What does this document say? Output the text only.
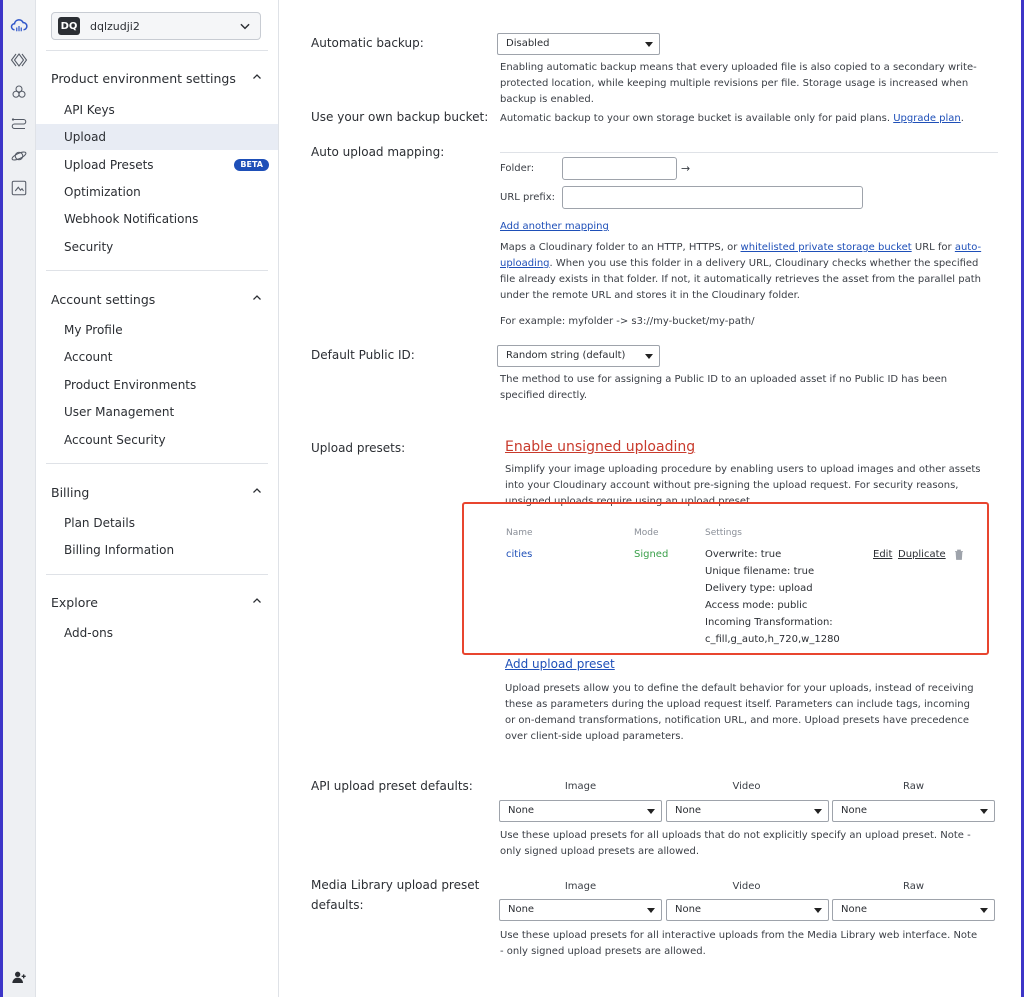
DQ dqlzudji2
Product environment settings
API Keys
Upload
Upload Presets	BETA
Optimization
Webhook Notifications
Security
Account settings
My Profile
Account
Product Environments
User Management
Account Security
Billing
Plan Details
Billing Information
Explore
Add-ons
Automatic backup:	Disabled
Enabling automatic backup means that every uploaded file is also copied to a secondary write-protected location, while keeping multiple revisions per file. Storage usage is increased when backup is enabled.
Use your own backup bucket: Automatic backup to your own storage bucket is available only for paid plans. Upgrade plan.
Auto upload mapping:
Folder:	→
URL prefix:
Add another mapping
Maps a Cloudinary folder to an HTTP, HTTPS, or whitelisted private storage bucket URL for auto-uploading. When you use this folder in a delivery URL, Cloudinary checks whether the specified file already exists in that folder. If not, it automatically retrieves the asset from the parallel path under the remote URL and stores it in the Cloudinary folder.
For example: myfolder -> s3://my-bucket/my-path/
Default Public ID:	Random string (default)
The method to use for assigning a Public ID to an uploaded asset if no Public ID has been specified directly.
Upload presets:	Enable unsigned uploading
Simplify your image uploading procedure by enabling users to upload images and other assets into your Cloudinary account without pre-signing the upload request. For security reasons, unsigned uploads require using an upload preset.
Name	Mode	Settings
cities	Signed	Overwrite: true
Unique filename: true
Delivery type: upload
Access mode: public
Incoming Transformation:
c_fill,g_auto,h_720,w_1280
Edit Duplicate
Add upload preset
Upload presets allow you to define the default behavior for your uploads, instead of receiving these as parameters during the upload request itself. Parameters can include tags, incoming or on-demand transformations, notification URL, and more. Upload presets have precedence over client-side upload parameters.
API upload preset defaults:	Image	Video	Raw
None	None	None
Use these upload presets for all uploads that do not explicitly specify an upload preset. Note - only signed upload presets are allowed.
Media Library upload preset defaults:
Image	Video	Raw
None	None	None
Use these upload presets for all interactive uploads from the Media Library web interface. Note - only signed upload presets are allowed.
